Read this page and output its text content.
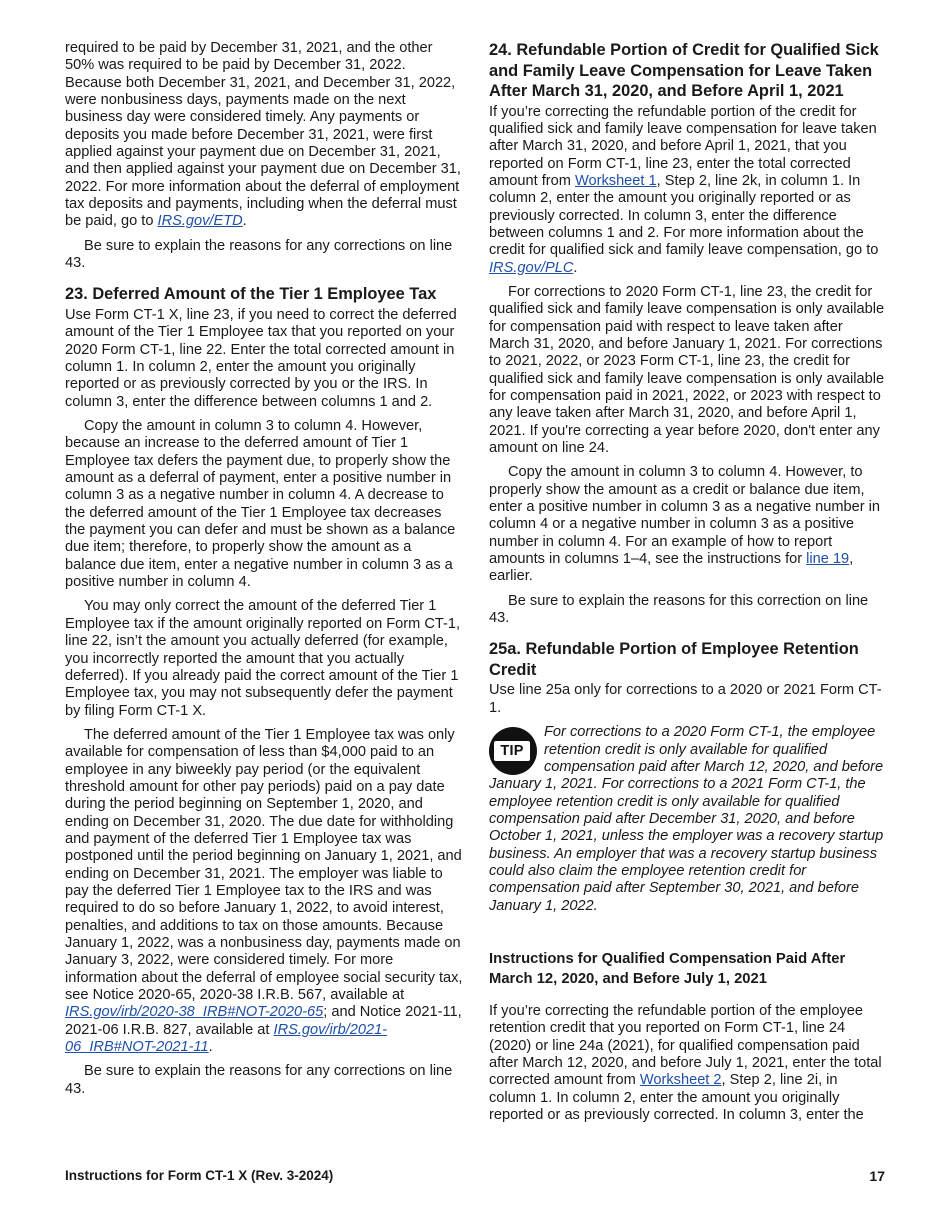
required to be paid by December 31, 2021, and the other 50% was required to be paid by December 31, 2022. Because both December 31, 2021, and December 31, 2022, were nonbusiness days, payments made on the next business day were considered timely. Any payments or deposits you made before December 31, 2021, were first applied against your payment due on December 31, 2021, and then applied against your payment due on December 31, 2022. For more information about the deferral of employment tax deposits and payments, including when the deferral must be paid, go to IRS.gov/ETD.

Be sure to explain the reasons for any corrections on line 43.

23. Deferred Amount of the Tier 1 Employee Tax

Use Form CT-1 X, line 23, if you need to correct the deferred amount of the Tier 1 Employee tax that you reported on your 2020 Form CT-1, line 22. Enter the total corrected amount in column 1. In column 2, enter the amount you originally reported or as previously corrected by you or the IRS. In column 3, enter the difference between columns 1 and 2.

Copy the amount in column 3 to column 4. However, because an increase to the deferred amount of Tier 1 Employee tax defers the payment due, to properly show the amount as a deferral of payment, enter a positive number in column 3 as a negative number in column 4. A decrease to the deferred amount of the Tier 1 Employee tax decreases the payment you can defer and must be shown as a balance due item; therefore, to properly show the amount as a balance due item, enter a negative number in column 3 as a positive number in column 4.

You may only correct the amount of the deferred Tier 1 Employee tax if the amount originally reported on Form CT-1, line 22, isn’t the amount you actually deferred (for example, you incorrectly reported the amount that you actually deferred). If you already paid the correct amount of the Tier 1 Employee tax, you may not subsequently defer the payment by filing Form CT-1 X.

The deferred amount of the Tier 1 Employee tax was only available for compensation of less than $4,000 paid to an employee in any biweekly pay period (or the equivalent threshold amount for other pay periods) paid on a pay date during the period beginning on September 1, 2020, and ending on December 31, 2020. The due date for withholding and payment of the deferred Tier 1 Employee tax was postponed until the period beginning on January 1, 2021, and ending on December 31, 2021. The employer was liable to pay the deferred Tier 1 Employee tax to the IRS and was required to do so before January 1, 2022, to avoid interest, penalties, and additions to tax on those amounts. Because January 1, 2022, was a nonbusiness day, payments made on January 3, 2022, were considered timely. For more information about the deferral of employee social security tax, see Notice 2020-65, 2020-38 I.R.B. 567, available at IRS.gov/irb/2020-38_IRB#NOT-2020-65; and Notice 2021-11, 2021-06 I.R.B. 827, available at IRS.gov/irb/2021-06_IRB#NOT-2021-11.

Be sure to explain the reasons for any corrections on line 43.

24. Refundable Portion of Credit for Qualified Sick and Family Leave Compensation for Leave Taken After March 31, 2020, and Before April 1, 2021

If you’re correcting the refundable portion of the credit for qualified sick and family leave compensation for leave taken after March 31, 2020, and before April 1, 2021, that you reported on Form CT-1, line 23, enter the total corrected amount from Worksheet 1, Step 2, line 2k, in column 1. In column 2, enter the amount you originally reported or as previously corrected. In column 3, enter the difference between columns 1 and 2. For more information about the credit for qualified sick and family leave compensation, go to IRS.gov/PLC.

For corrections to 2020 Form CT-1, line 23, the credit for qualified sick and family leave compensation is only available for compensation paid with respect to leave taken after March 31, 2020, and before January 1, 2021. For corrections to 2021, 2022, or 2023 Form CT-1, line 23, the credit for qualified sick and family leave compensation is only available for compensation paid in 2021, 2022, or 2023 with respect to any leave taken after March 31, 2020, and before April 1, 2021. If you're correcting a year before 2020, don't enter any amount on line 24.

Copy the amount in column 3 to column 4. However, to properly show the amount as a credit or balance due item, enter a positive number in column 3 as a negative number in column 4 or a negative number in column 3 as a positive number in column 4. For an example of how to report amounts in columns 1–4, see the instructions for line 19, earlier.

Be sure to explain the reasons for this correction on line 43.

25a. Refundable Portion of Employee Retention Credit

Use line 25a only for corrections to a 2020 or 2021 Form CT-1.

TIP
For corrections to a 2020 Form CT-1, the employee retention credit is only available for qualified compensation paid after March 12, 2020, and before January 1, 2021. For corrections to a 2021 Form CT-1, the employee retention credit is only available for qualified compensation paid after December 31, 2020, and before October 1, 2021, unless the employer was a recovery startup business. An employer that was a recovery startup business could also claim the employee retention credit for compensation paid after September 30, 2021, and before January 1, 2022.
Instructions for Qualified Compensation Paid After March 12, 2020, and Before July 1, 2021

If you’re correcting the refundable portion of the employee retention credit that you reported on Form CT-1, line 24 (2020) or line 24a (2021), for qualified compensation paid after March 12, 2020, and before July 1, 2021, enter the total corrected amount from Worksheet 2, Step 2, line 2i, in column 1. In column 2, enter the amount you originally reported or as previously corrected. In column 3, enter the

Instructions for Form CT-1 X (Rev. 3-2024)	17
